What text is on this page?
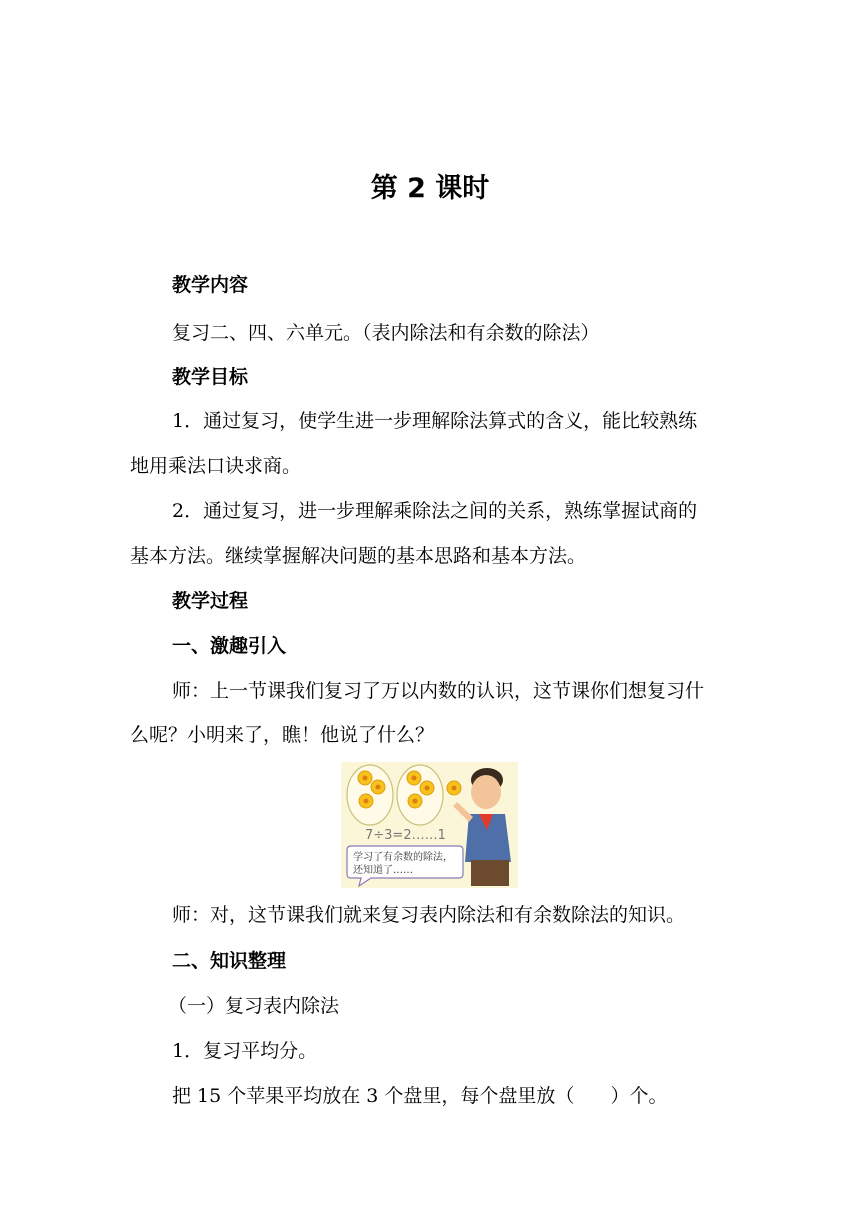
第 2 课时
教学内容
复习二、四、六单元。（表内除法和有余数的除法）
教学目标
1．通过复习，使学生进一步理解除法算式的含义，能比较熟练
地用乘法口诀求商。
2．通过复习，进一步理解乘除法之间的关系，熟练掌握试商的
基本方法。继续掌握解决问题的基本思路和基本方法。
教学过程
一、激趣引入
师：上一节课我们复习了万以内数的认识，这节课你们想复习什
么呢？小明来了，瞧！他说了什么？
7÷3=2……1
学习了有余数的除法，
还知道了……
师：对，这节课我们就来复习表内除法和有余数除法的知识。
二、知识整理
（一）复习表内除法
1．复习平均分。
把 15 个苹果平均放在 3 个盘里，每个盘里放（ ）个。
